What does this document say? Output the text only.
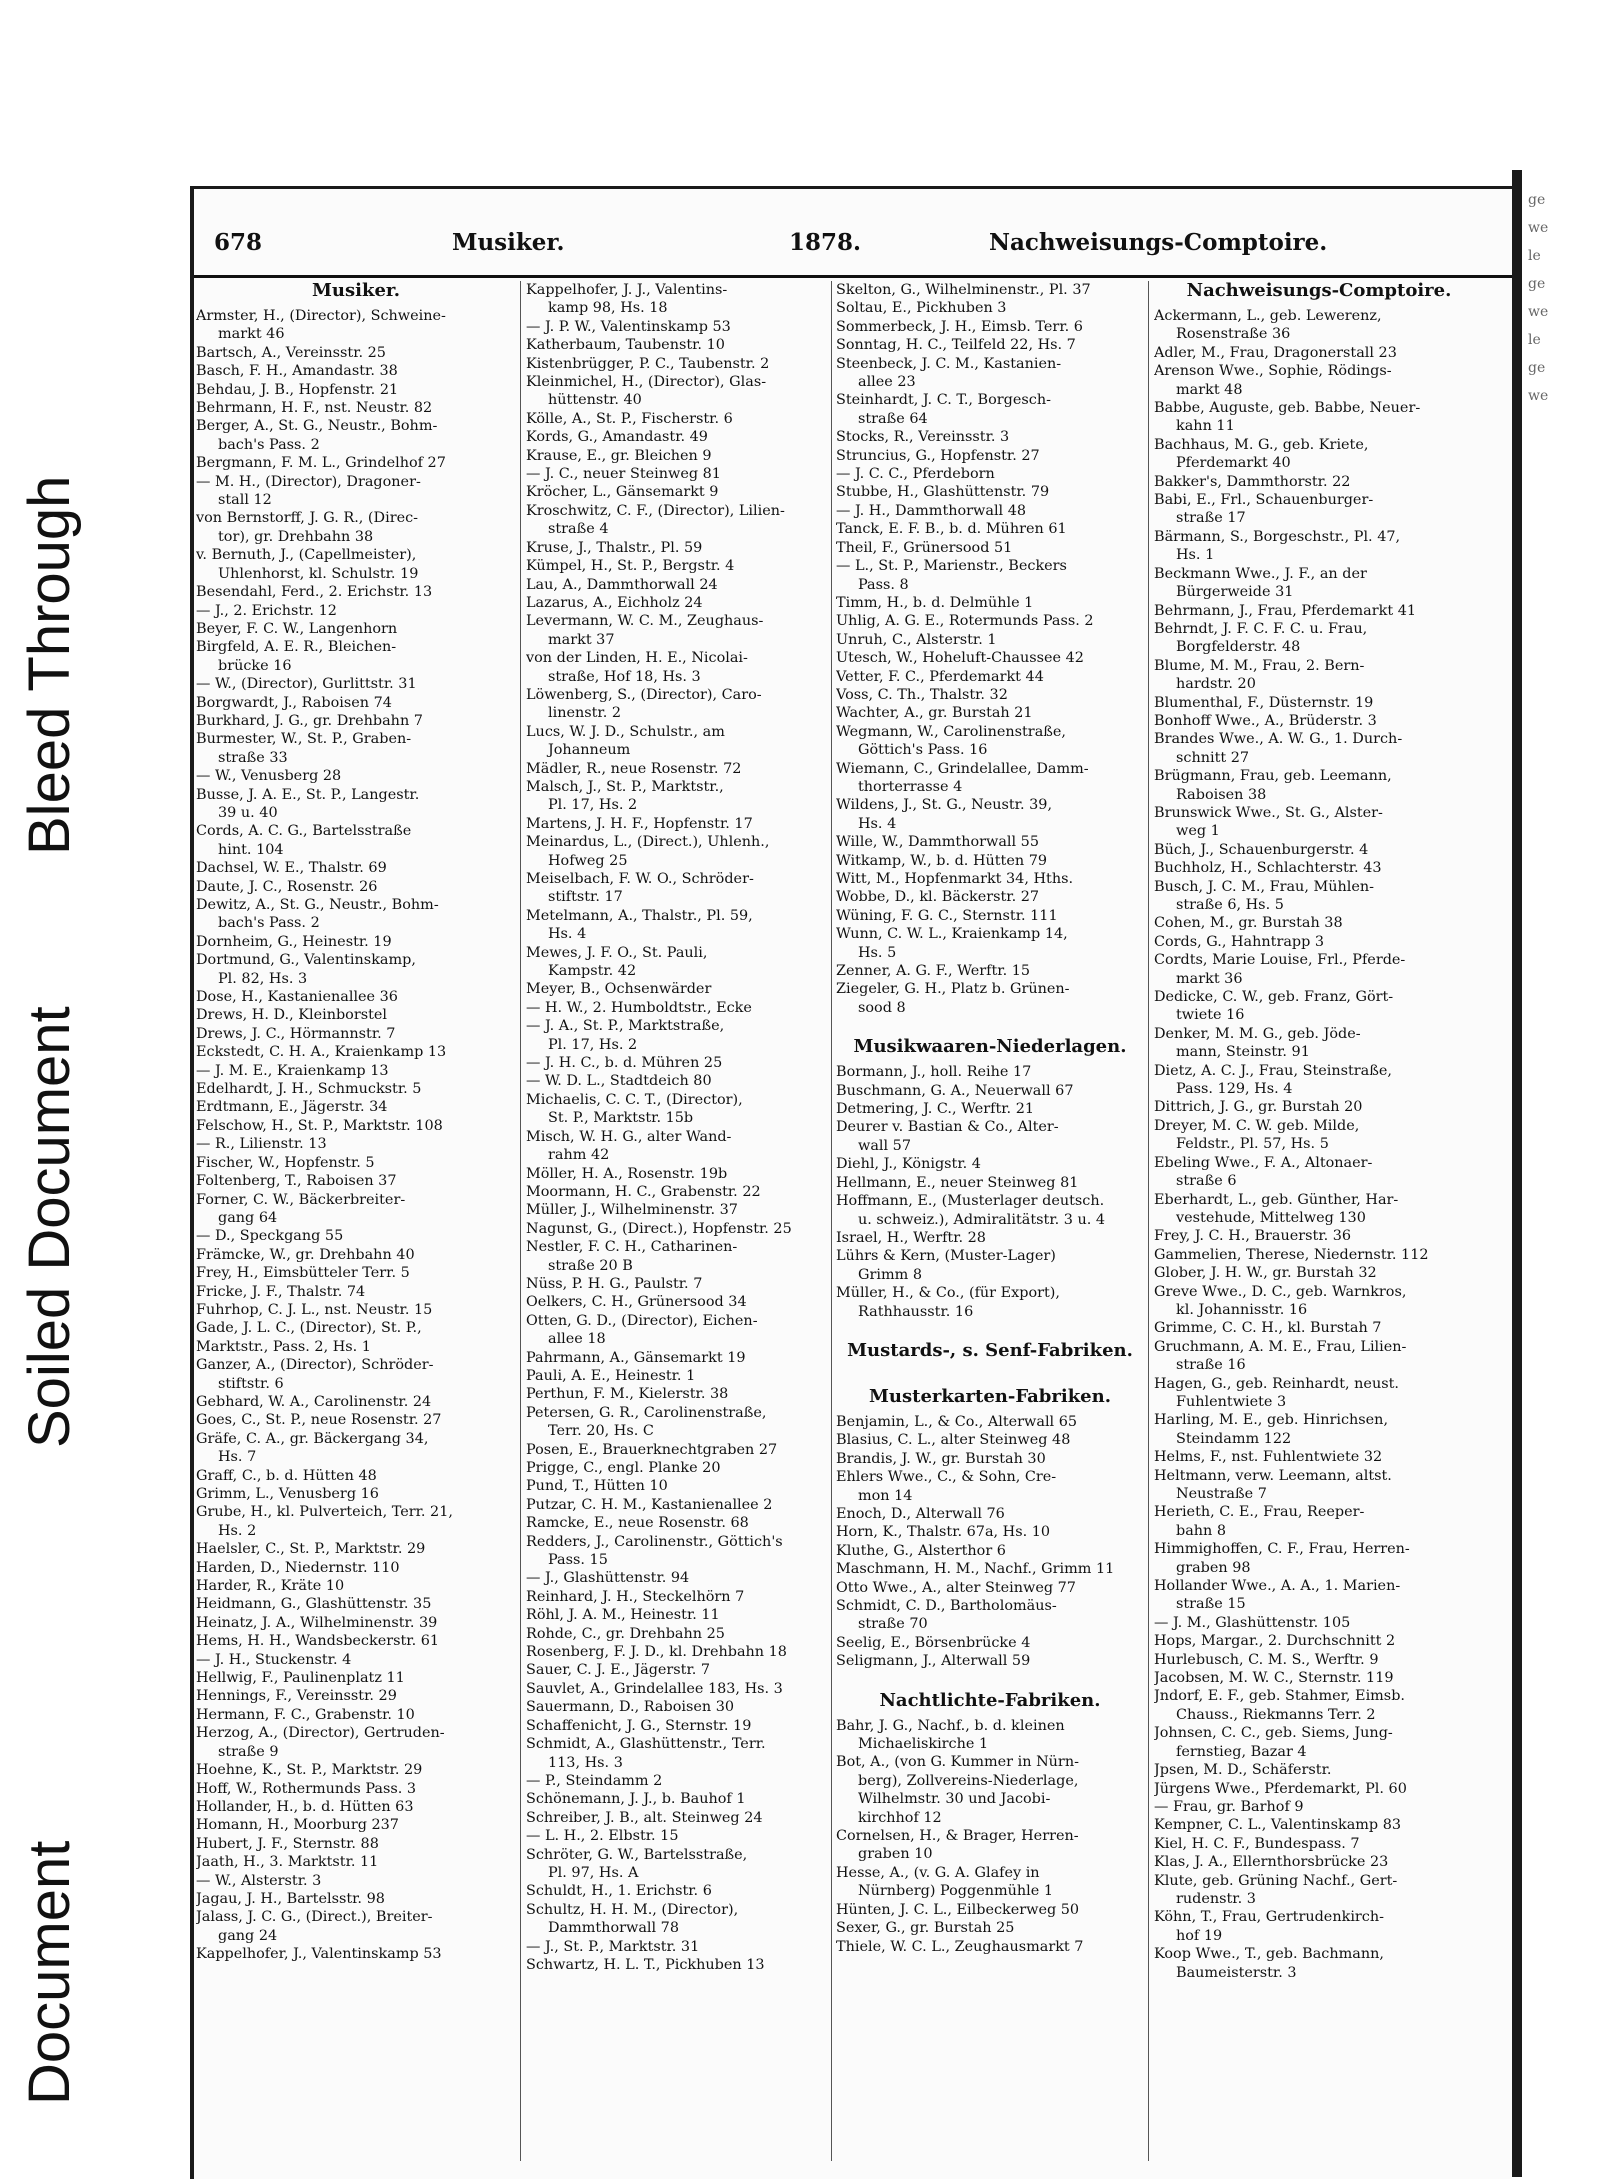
Document
Soiled Document
Bleed Through
678	Musiker.	1878.	Nachweisungs-Comptoire.
Musiker.
Armster, H., (Director), Schweine-
markt 46
Bartsch, A., Vereinsstr. 25
Basch, F. H., Amandastr. 38
Behdau, J. B., Hopfenstr. 21
Behrmann, H. F., nst. Neustr. 82
Berger, A., St. G., Neustr., Bohm-
bach's Pass. 2
Bergmann, F. M. L., Grindelhof 27
— M. H., (Director), Dragoner-
stall 12
von Bernstorff, J. G. R., (Direc-
tor), gr. Drehbahn 38
v. Bernuth, J., (Capellmeister),
Uhlenhorst, kl. Schulstr. 19
Besendahl, Ferd., 2. Erichstr. 13
— J., 2. Erichstr. 12
Beyer, F. C. W., Langenhorn
Birgfeld, A. E. R., Bleichen-
brücke 16
— W., (Director), Gurlittstr. 31
Borgwardt, J., Raboisen 74
Burkhard, J. G., gr. Drehbahn 7
Burmester, W., St. P., Graben-
straße 33
— W., Venusberg 28
Busse, J. A. E., St. P., Langestr.
39 u. 40
Cords, A. C. G., Bartelsstraße
hint. 104
Dachsel, W. E., Thalstr. 69
Daute, J. C., Rosenstr. 26
Dewitz, A., St. G., Neustr., Bohm-
bach's Pass. 2
Dornheim, G., Heinestr. 19
Dortmund, G., Valentinskamp,
Pl. 82, Hs. 3
Dose, H., Kastanienallee 36
Drews, H. D., Kleinborstel
Drews, J. C., Hörmannstr. 7
Eckstedt, C. H. A., Kraienkamp 13
— J. M. E., Kraienkamp 13
Edelhardt, J. H., Schmuckstr. 5
Erdtmann, E., Jägerstr. 34
Felschow, H., St. P., Marktstr. 108
— R., Lilienstr. 13
Fischer, W., Hopfenstr. 5
Foltenberg, T., Raboisen 37
Forner, C. W., Bäckerbreiter-
gang 64
— D., Speckgang 55
Främcke, W., gr. Drehbahn 40
Frey, H., Eimsbütteler Terr. 5
Fricke, J. F., Thalstr. 74
Fuhrhop, C. J. L., nst. Neustr. 15
Gade, J. L. C., (Director), St. P.,
Marktstr., Pass. 2, Hs. 1
Ganzer, A., (Director), Schröder-
stiftstr. 6
Gebhard, W. A., Carolinenstr. 24
Goes, C., St. P., neue Rosenstr. 27
Gräfe, C. A., gr. Bäckergang 34,
Hs. 7
Graff, C., b. d. Hütten 48
Grimm, L., Venusberg 16
Grube, H., kl. Pulverteich, Terr. 21,
Hs. 2
Haelsler, C., St. P., Marktstr. 29
Harden, D., Niedernstr. 110
Harder, R., Kräte 10
Heidmann, G., Glashüttenstr. 35
Heinatz, J. A., Wilhelminenstr. 39
Hems, H. H., Wandsbeckerstr. 61
— J. H., Stuckenstr. 4
Hellwig, F., Paulinenplatz 11
Hennings, F., Vereinsstr. 29
Hermann, F. C., Grabenstr. 10
Herzog, A., (Director), Gertruden-
straße 9
Hoehne, K., St. P., Marktstr. 29
Hoff, W., Rothermunds Pass. 3
Hollander, H., b. d. Hütten 63
Homann, H., Moorburg 237
Hubert, J. F., Sternstr. 88
Jaath, H., 3. Marktstr. 11
— W., Alsterstr. 3
Jagau, J. H., Bartelsstr. 98
Jalass, J. C. G., (Direct.), Breiter-
gang 24
Kappelhofer, J., Valentinskamp 53
Kappelhofer, J. J., Valentins-
kamp 98, Hs. 18
— J. P. W., Valentinskamp 53
Katherbaum, Taubenstr. 10
Kistenbrügger, P. C., Taubenstr. 2
Kleinmichel, H., (Director), Glas-
hüttenstr. 40
Kölle, A., St. P., Fischerstr. 6
Kords, G., Amandastr. 49
Krause, E., gr. Bleichen 9
— J. C., neuer Steinweg 81
Kröcher, L., Gänsemarkt 9
Kroschwitz, C. F., (Director), Lilien-
straße 4
Kruse, J., Thalstr., Pl. 59
Kümpel, H., St. P., Bergstr. 4
Lau, A., Dammthorwall 24
Lazarus, A., Eichholz 24
Levermann, W. C. M., Zeughaus-
markt 37
von der Linden, H. E., Nicolai-
straße, Hof 18, Hs. 3
Löwenberg, S., (Director), Caro-
linenstr. 2
Lucs, W. J. D., Schulstr., am
Johanneum
Mädler, R., neue Rosenstr. 72
Malsch, J., St. P., Marktstr.,
Pl. 17, Hs. 2
Martens, J. H. F., Hopfenstr. 17
Meinardus, L., (Direct.), Uhlenh.,
Hofweg 25
Meiselbach, F. W. O., Schröder-
stiftstr. 17
Metelmann, A., Thalstr., Pl. 59,
Hs. 4
Mewes, J. F. O., St. Pauli,
Kampstr. 42
Meyer, B., Ochsenwärder
— H. W., 2. Humboldtstr., Ecke
— J. A., St. P., Marktstraße,
Pl. 17, Hs. 2
— J. H. C., b. d. Mühren 25
— W. D. L., Stadtdeich 80
Michaelis, C. C. T., (Director),
St. P., Marktstr. 15b
Misch, W. H. G., alter Wand-
rahm 42
Möller, H. A., Rosenstr. 19b
Moormann, H. C., Grabenstr. 22
Müller, J., Wilhelminenstr. 37
Nagunst, G., (Direct.), Hopfenstr. 25
Nestler, F. C. H., Catharinen-
straße 20 B
Nüss, P. H. G., Paulstr. 7
Oelkers, C. H., Grünersood 34
Otten, G. D., (Director), Eichen-
allee 18
Pahrmann, A., Gänsemarkt 19
Pauli, A. E., Heinestr. 1
Perthun, F. M., Kielerstr. 38
Petersen, G. R., Carolinenstraße,
Terr. 20, Hs. C
Posen, E., Brauerknechtgraben 27
Prigge, C., engl. Planke 20
Pund, T., Hütten 10
Putzar, C. H. M., Kastanienallee 2
Ramcke, E., neue Rosenstr. 68
Redders, J., Carolinenstr., Göttich's
Pass. 15
— J., Glashüttenstr. 94
Reinhard, J. H., Steckelhörn 7
Röhl, J. A. M., Heinestr. 11
Rohde, C., gr. Drehbahn 25
Rosenberg, F. J. D., kl. Drehbahn 18
Sauer, C. J. E., Jägerstr. 7
Sauvlet, A., Grindelallee 183, Hs. 3
Sauermann, D., Raboisen 30
Schaffenicht, J. G., Sternstr. 19
Schmidt, A., Glashüttenstr., Terr.
113, Hs. 3
— P., Steindamm 2
Schönemann, J. J., b. Bauhof 1
Schreiber, J. B., alt. Steinweg 24
— L. H., 2. Elbstr. 15
Schröter, G. W., Bartelsstraße,
Pl. 97, Hs. A
Schuldt, H., 1. Erichstr. 6
Schultz, H. H. M., (Director),
Dammthorwall 78
— J., St. P., Marktstr. 31
Schwartz, H. L. T., Pickhuben 13
Skelton, G., Wilhelminenstr., Pl. 37
Soltau, E., Pickhuben 3
Sommerbeck, J. H., Eimsb. Terr. 6
Sonntag, H. C., Teilfeld 22, Hs. 7
Steenbeck, J. C. M., Kastanien-
allee 23
Steinhardt, J. C. T., Borgesch-
straße 64
Stocks, R., Vereinsstr. 3
Struncius, G., Hopfenstr. 27
— J. C. C., Pferdeborn
Stubbe, H., Glashüttenstr. 79
— J. H., Dammthorwall 48
Tanck, E. F. B., b. d. Mühren 61
Theil, F., Grünersood 51
— L., St. P., Marienstr., Beckers
Pass. 8
Timm, H., b. d. Delmühle 1
Uhlig, A. G. E., Rotermunds Pass. 2
Unruh, C., Alsterstr. 1
Utesch, W., Hoheluft-Chaussee 42
Vetter, F. C., Pferdemarkt 44
Voss, C. Th., Thalstr. 32
Wachter, A., gr. Burstah 21
Wegmann, W., Carolinenstraße,
Göttich's Pass. 16
Wiemann, C., Grindelallee, Damm-
thorterrasse 4
Wildens, J., St. G., Neustr. 39,
Hs. 4
Wille, W., Dammthorwall 55
Witkamp, W., b. d. Hütten 79
Witt, M., Hopfenmarkt 34, Hths.
Wobbe, D., kl. Bäckerstr. 27
Wüning, F. G. C., Sternstr. 111
Wunn, C. W. L., Kraienkamp 14,
Hs. 5
Zenner, A. G. F., Werftr. 15
Ziegeler, G. H., Platz b. Grünen-
sood 8
Musikwaaren-Niederlagen.
Bormann, J., holl. Reihe 17
Buschmann, G. A., Neuerwall 67
Detmering, J. C., Werftr. 21
Deurer v. Bastian & Co., Alter-
wall 57
Diehl, J., Königstr. 4
Hellmann, E., neuer Steinweg 81
Hoffmann, E., (Musterlager deutsch.
u. schweiz.), Admiralitätstr. 3 u. 4
Israel, H., Werftr. 28
Lührs & Kern, (Muster-Lager)
Grimm 8
Müller, H., & Co., (für Export),
Rathhausstr. 16
Mustards-, s. Senf-Fabriken.
Musterkarten-Fabriken.
Benjamin, L., & Co., Alterwall 65
Blasius, C. L., alter Steinweg 48
Brandis, J. W., gr. Burstah 30
Ehlers Wwe., C., & Sohn, Cre-
mon 14
Enoch, D., Alterwall 76
Horn, K., Thalstr. 67a, Hs. 10
Kluthe, G., Alsterthor 6
Maschmann, H. M., Nachf., Grimm 11
Otto Wwe., A., alter Steinweg 77
Schmidt, C. D., Bartholomäus-
straße 70
Seelig, E., Börsenbrücke 4
Seligmann, J., Alterwall 59
Nachtlichte-Fabriken.
Bahr, J. G., Nachf., b. d. kleinen
Michaeliskirche 1
Bot, A., (von G. Kummer in Nürn-
berg), Zollvereins-Niederlage,
Wilhelmstr. 30 und Jacobi-
kirchhof 12
Cornelsen, H., & Brager, Herren-
graben 10
Hesse, A., (v. G. A. Glafey in
Nürnberg) Poggenmühle 1
Hünten, J. C. L., Eilbeckerweg 50
Sexer, G., gr. Burstah 25
Thiele, W. C. L., Zeughausmarkt 7
Nachweisungs-Comptoire.
Ackermann, L., geb. Lewerenz,
Rosenstraße 36
Adler, M., Frau, Dragonerstall 23
Arenson Wwe., Sophie, Rödings-
markt 48
Babbe, Auguste, geb. Babbe, Neuer-
kahn 11
Bachhaus, M. G., geb. Kriete,
Pferdemarkt 40
Bakker's, Dammthorstr. 22
Babi, E., Frl., Schauenburger-
straße 17
Bärmann, S., Borgeschstr., Pl. 47,
Hs. 1
Beckmann Wwe., J. F., an der
Bürgerweide 31
Behrmann, J., Frau, Pferdemarkt 41
Behrndt, J. F. C. F. C. u. Frau,
Borgfelderstr. 48
Blume, M. M., Frau, 2. Bern-
hardstr. 20
Blumenthal, F., Düsternstr. 19
Bonhoff Wwe., A., Brüderstr. 3
Brandes Wwe., A. W. G., 1. Durch-
schnitt 27
Brügmann, Frau, geb. Leemann,
Raboisen 38
Brunswick Wwe., St. G., Alster-
weg 1
Büch, J., Schauenburgerstr. 4
Buchholz, H., Schlachterstr. 43
Busch, J. C. M., Frau, Mühlen-
straße 6, Hs. 5
Cohen, M., gr. Burstah 38
Cords, G., Hahntrapp 3
Cordts, Marie Louise, Frl., Pferde-
markt 36
Dedicke, C. W., geb. Franz, Gört-
twiete 16
Denker, M. M. G., geb. Jöde-
mann, Steinstr. 91
Dietz, A. C. J., Frau, Steinstraße,
Pass. 129, Hs. 4
Dittrich, J. G., gr. Burstah 20
Dreyer, M. C. W. geb. Milde,
Feldstr., Pl. 57, Hs. 5
Ebeling Wwe., F. A., Altonaer-
straße 6
Eberhardt, L., geb. Günther, Har-
vestehude, Mittelweg 130
Frey, J. C. H., Brauerstr. 36
Gammelien, Therese, Niedernstr. 112
Glober, J. H. W., gr. Burstah 32
Greve Wwe., D. C., geb. Warnkros,
kl. Johannisstr. 16
Grimme, C. C. H., kl. Burstah 7
Gruchmann, A. M. E., Frau, Lilien-
straße 16
Hagen, G., geb. Reinhardt, neust.
Fuhlentwiete 3
Harling, M. E., geb. Hinrichsen,
Steindamm 122
Helms, F., nst. Fuhlentwiete 32
Heltmann, verw. Leemann, altst.
Neustraße 7
Herieth, C. E., Frau, Reeper-
bahn 8
Himmighoffen, C. F., Frau, Herren-
graben 98
Hollander Wwe., A. A., 1. Marien-
straße 15
— J. M., Glashüttenstr. 105
Hops, Margar., 2. Durchschnitt 2
Hurlebusch, C. M. S., Werftr. 9
Jacobsen, M. W. C., Sternstr. 119
Jndorf, E. F., geb. Stahmer, Eimsb.
Chauss., Riekmanns Terr. 2
Johnsen, C. C., geb. Siems, Jung-
fernstieg, Bazar 4
Jpsen, M. D., Schäferstr.
Jürgens Wwe., Pferdemarkt, Pl. 60
— Frau, gr. Barhof 9
Kempner, C. L., Valentinskamp 83
Kiel, H. C. F., Bundespass. 7
Klas, J. A., Ellernthorsbrücke 23
Klute, geb. Grüning Nachf., Gert-
rudenstr. 3
Köhn, T., Frau, Gertrudenkirch-
hof 19
Koop Wwe., T., geb. Bachmann,
Baumeisterstr. 3
ge
we
le
ge
we
le
ge
we
